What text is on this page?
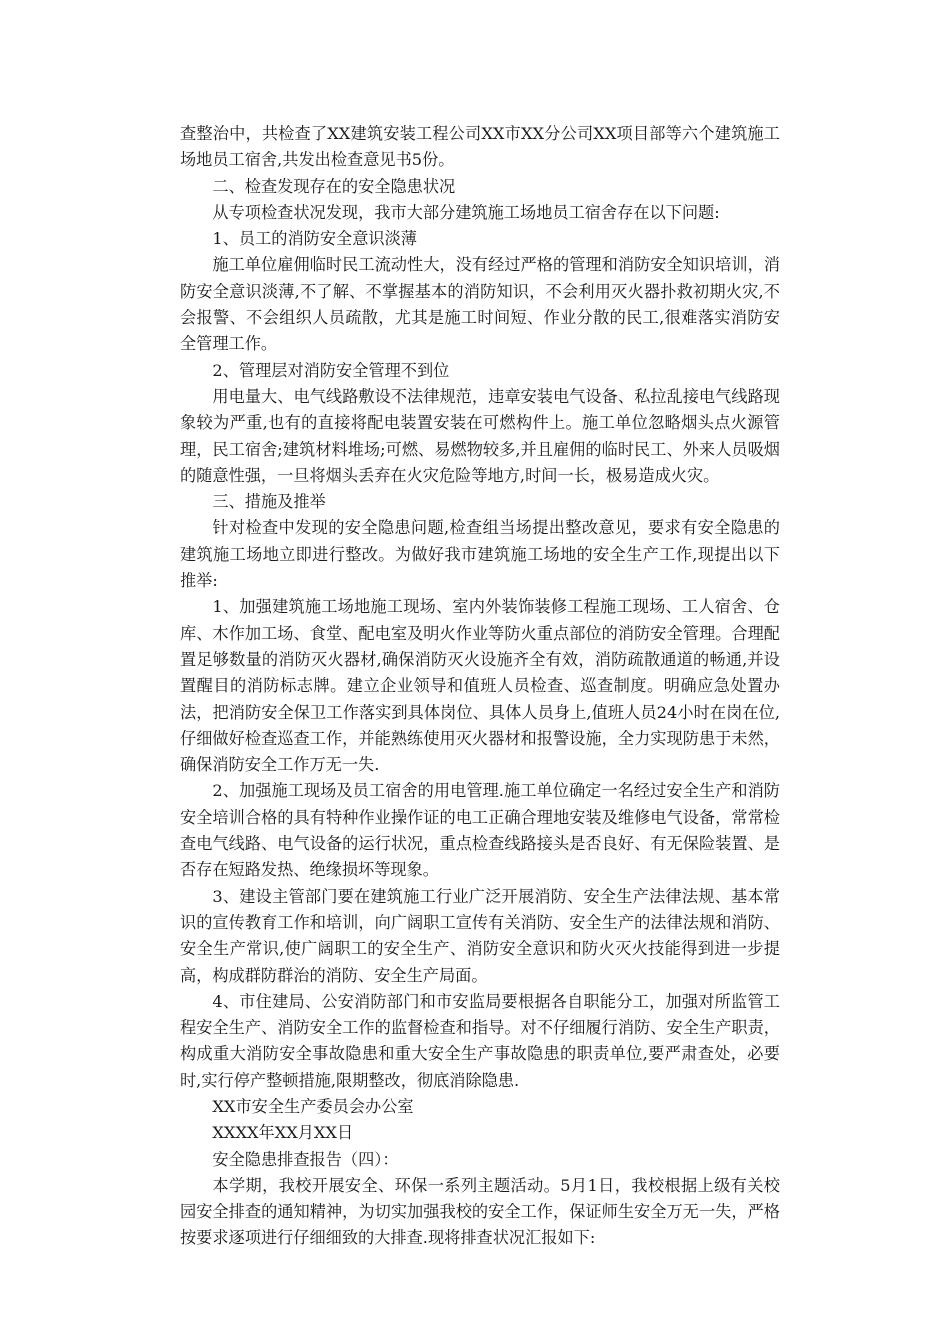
查整治中，共检查了XX建筑安装工程公司XX市XX分公司XX项目部等六个建筑施工场地员工宿舍,共发出检查意见书5份。

二、检查发现存在的安全隐患状况

从专项检查状况发现，我市大部分建筑施工场地员工宿舍存在以下问题:

1、员工的消防安全意识淡薄

施工单位雇佣临时民工流动性大，没有经过严格的管理和消防安全知识培训，消防安全意识淡薄,不了解、不掌握基本的消防知识，不会利用灭火器扑救初期火灾,不会报警、不会组织人员疏散，尤其是施工时间短、作业分散的民工,很难落实消防安全管理工作。

2、管理层对消防安全管理不到位

用电量大、电气线路敷设不法律规范，违章安装电气设备、私拉乱接电气线路现象较为严重,也有的直接将配电装置安装在可燃构件上。施工单位忽略烟头点火源管理，民工宿舍;建筑材料堆场;可燃、易燃物较多,并且雇佣的临时民工、外来人员吸烟的随意性强，一旦将烟头丢弃在火灾危险等地方,时间一长，极易造成火灾。

三、措施及推举

针对检查中发现的安全隐患问题,检查组当场提出整改意见，要求有安全隐患的建筑施工场地立即进行整改。为做好我市建筑施工场地的安全生产工作,现提出以下推举:

1、加强建筑施工场地施工现场、室内外装饰装修工程施工现场、工人宿舍、仓库、木作加工场、食堂、配电室及明火作业等防火重点部位的消防安全管理。合理配置足够数量的消防灭火器材,确保消防灭火设施齐全有效，消防疏散通道的畅通,并设置醒目的消防标志牌。建立企业领导和值班人员检查、巡查制度。明确应急处置办法，把消防安全保卫工作落实到具体岗位、具体人员身上,值班人员24小时在岗在位,仔细做好检查巡查工作，并能熟练使用灭火器材和报警设施，全力实现防患于未然，确保消防安全工作万无一失.

2、加强施工现场及员工宿舍的用电管理.施工单位确定一名经过安全生产和消防安全培训合格的具有特种作业操作证的电工正确合理地安装及维修电气设备，常常检查电气线路、电气设备的运行状况，重点检查线路接头是否良好、有无保险装置、是否存在短路发热、绝缘损坏等现象。

3、建设主管部门要在建筑施工行业广泛开展消防、安全生产法律法规、基本常识的宣传教育工作和培训，向广阔职工宣传有关消防、安全生产的法律法规和消防、安全生产常识,使广阔职工的安全生产、消防安全意识和防火灭火技能得到进一步提高，构成群防群治的消防、安全生产局面。

4、市住建局、公安消防部门和市安监局要根据各自职能分工，加强对所监管工程安全生产、消防安全工作的监督检查和指导。对不仔细履行消防、安全生产职责，构成重大消防安全事故隐患和重大安全生产事故隐患的职责单位,要严肃查处，必要时,实行停产整顿措施,限期整改，彻底消除隐患.

XX市安全生产委员会办公室

XXXX年XX月XX日

安全隐患排查报告（四）：

本学期，我校开展安全、环保一系列主题活动。5月1日，我校根据上级有关校园安全排查的通知精神，为切实加强我校的安全工作，保证师生安全万无一失，严格按要求逐项进行仔细细致的大排查.现将排查状况汇报如下:
